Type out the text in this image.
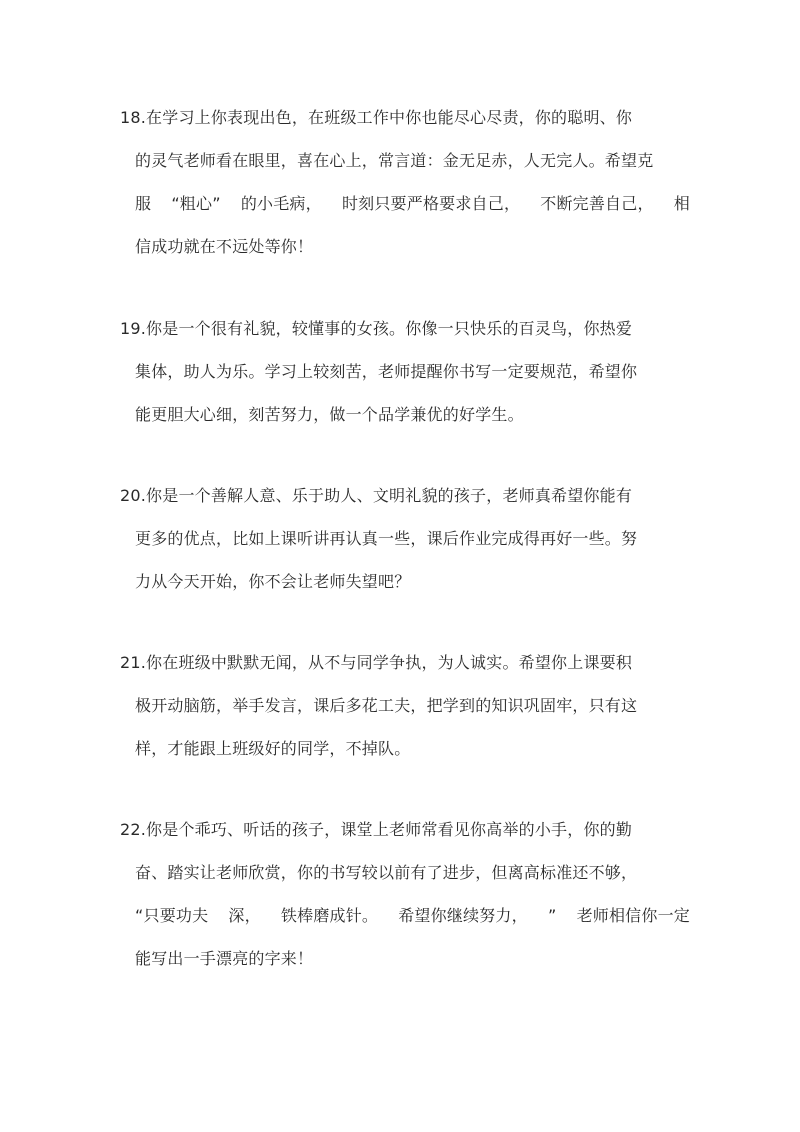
18.在学习上你表现出色，在班级工作中你也能尽心尽责，你的聪明、你
的灵气老师看在眼里，喜在心上，常言道：金无足赤，人无完人。希望克
服 “粗心” 的小毛病， 时刻只要严格要求自己， 不断完善自己， 相
信成功就在不远处等你！
19.你是一个很有礼貌，较懂事的女孩。你像一只快乐的百灵鸟，你热爱
集体，助人为乐。学习上较刻苦，老师提醒你书写一定要规范，希望你
能更胆大心细，刻苦努力，做一个品学兼优的好学生。
20.你是一个善解人意、乐于助人、文明礼貌的孩子，老师真希望你能有
更多的优点，比如上课听讲再认真一些，课后作业完成得再好一些。努
力从今天开始，你不会让老师失望吧？
21.你在班级中默默无闻，从不与同学争执，为人诚实。希望你上课要积
极开动脑筋，举手发言，课后多花工夫，把学到的知识巩固牢，只有这
样，才能跟上班级好的同学，不掉队。
22.你是个乖巧、听话的孩子，课堂上老师常看见你高举的小手，你的勤
奋、踏实让老师欣赏，你的书写较以前有了进步，但离高标准还不够，
“只要功夫 深， 铁棒磨成针。 希望你继续努力， ” 老师相信你一定
能写出一手漂亮的字来！
